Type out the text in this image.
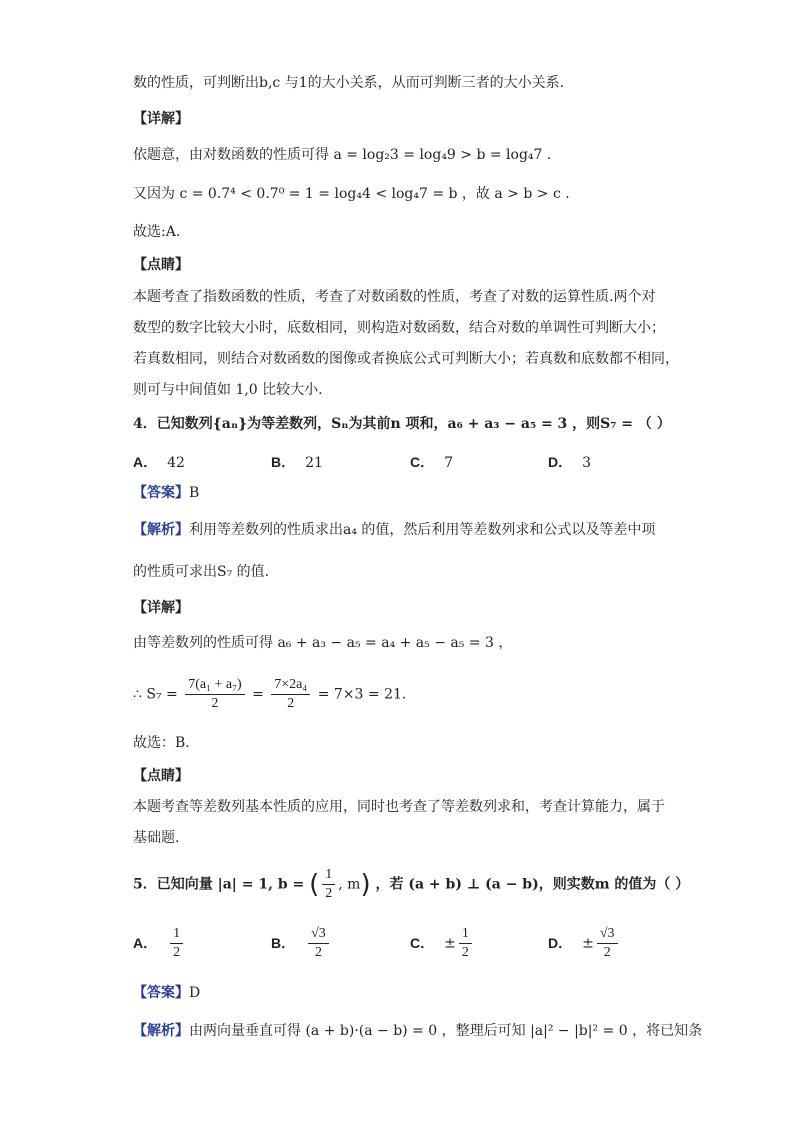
数的性质，可判断出b,c 与1的大小关系，从而可判断三者的大小关系.
【详解】
依题意，由对数函数的性质可得 a = log₂3 = log₄9 > b = log₄7 .
又因为 c = 0.7⁴ < 0.7⁰ = 1 = log₄4 < log₄7 = b ，故 a > b > c .
故选:A.
【点睛】
本题考查了指数函数的性质，考查了对数函数的性质，考查了对数的运算性质.两个对
数型的数字比较大小时，底数相同，则构造对数函数，结合对数的单调性可判断大小；
若真数相同，则结合对数函数的图像或者换底公式可判断大小；若真数和底数都不相同，
则可与中间值如 1,0 比较大小.
4．已知数列{aₙ}为等差数列，Sₙ为其前n 项和，a₆ + a₃ − a₅ = 3 ，则S₇ = （ ）
A． 42	B． 21	C． 7	D． 3
【答案】B
【解析】利用等差数列的性质求出a₄ 的值，然后利用等差数列求和公式以及等差中项
的性质可求出S₇ 的值.
【详解】
由等差数列的性质可得 a₆ + a₃ − a₅ = a₄ + a₅ − a₅ = 3 ，
∴ $S_7 = \frac{\text{7(a₁ + a₇)}}{2} = \frac{\text{7×2a₄}}{2} = 7\times 3 = 21$.
故选：B.
【点睛】
本题考查等差数列基本性质的应用，同时也考查了等差数列求和，考查计算能力，属于
基础题.
5．已知向量 |a| = 1, b = ( $\frac{1}{2}$ , m) ，若 (a + b) ⊥ (a − b)，则实数m 的值为（ ）
A． $\frac{1}{2}$	B． $\frac{√3}{2}$	C． ± $\frac{1}{2}$	D． ± $\frac{√3}{2}$
【答案】D
【解析】由两向量垂直可得 (a + b)·(a − b) = 0 ，整理后可知 |a|² − |b|² = 0 ，将已知条
